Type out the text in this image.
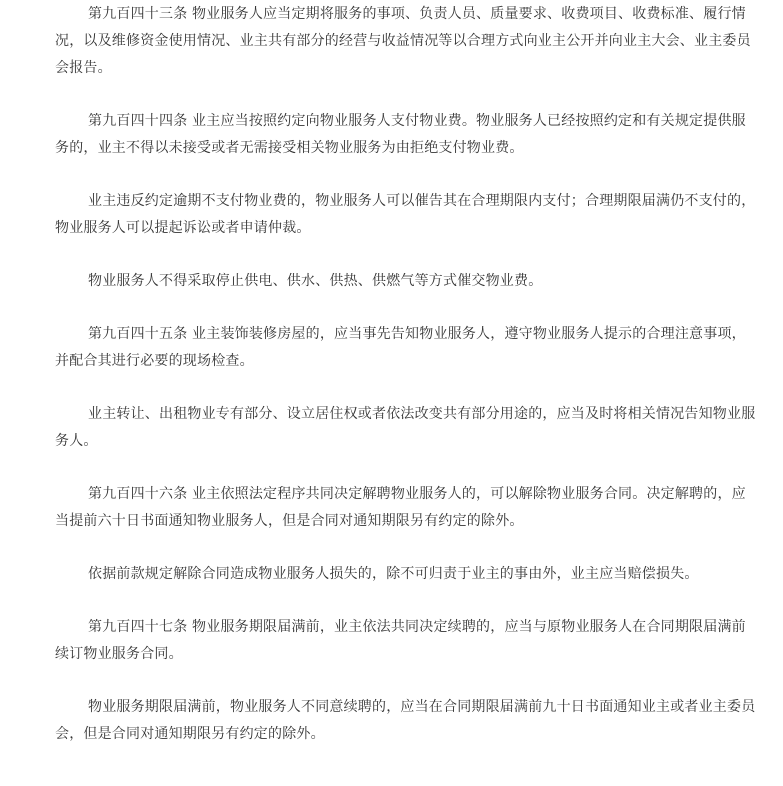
第九百四十三条 物业服务人应当定期将服务的事项、负责人员、质量要求、收费项目、收费标准、履行情况，以及维修资金使用情况、业主共有部分的经营与收益情况等以合理方式向业主公开并向业主大会、业主委员会报告。

第九百四十四条 业主应当按照约定向物业服务人支付物业费。物业服务人已经按照约定和有关规定提供服务的，业主不得以未接受或者无需接受相关物业服务为由拒绝支付物业费。

业主违反约定逾期不支付物业费的，物业服务人可以催告其在合理期限内支付；合理期限届满仍不支付的，物业服务人可以提起诉讼或者申请仲裁。

物业服务人不得采取停止供电、供水、供热、供燃气等方式催交物业费。

第九百四十五条 业主装饰装修房屋的，应当事先告知物业服务人，遵守物业服务人提示的合理注意事项，并配合其进行必要的现场检查。

业主转让、出租物业专有部分、设立居住权或者依法改变共有部分用途的，应当及时将相关情况告知物业服务人。

第九百四十六条 业主依照法定程序共同决定解聘物业服务人的，可以解除物业服务合同。决定解聘的，应当提前六十日书面通知物业服务人，但是合同对通知期限另有约定的除外。

依据前款规定解除合同造成物业服务人损失的，除不可归责于业主的事由外，业主应当赔偿损失。

第九百四十七条 物业服务期限届满前，业主依法共同决定续聘的，应当与原物业服务人在合同期限届满前续订物业服务合同。

物业服务期限届满前，物业服务人不同意续聘的，应当在合同期限届满前九十日书面通知业主或者业主委员会，但是合同对通知期限另有约定的除外。
